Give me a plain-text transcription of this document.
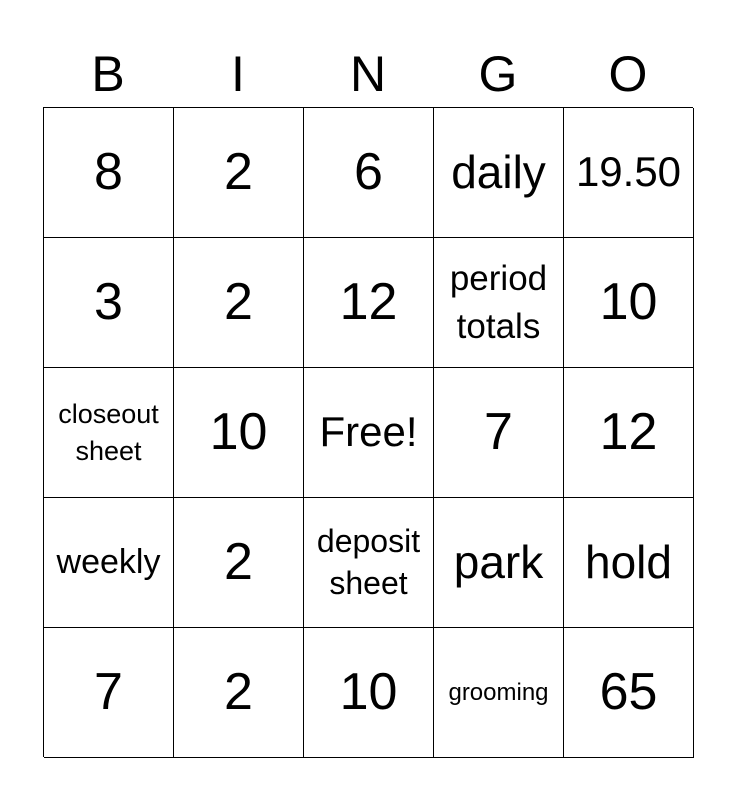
B	I	N	G	O
8 2 6 daily 19.50
3 2 12	period totals	10
closeout sheet	10 Free! 7 12
weekly 2	deposit sheet	park hold
7 2 10 grooming 65
